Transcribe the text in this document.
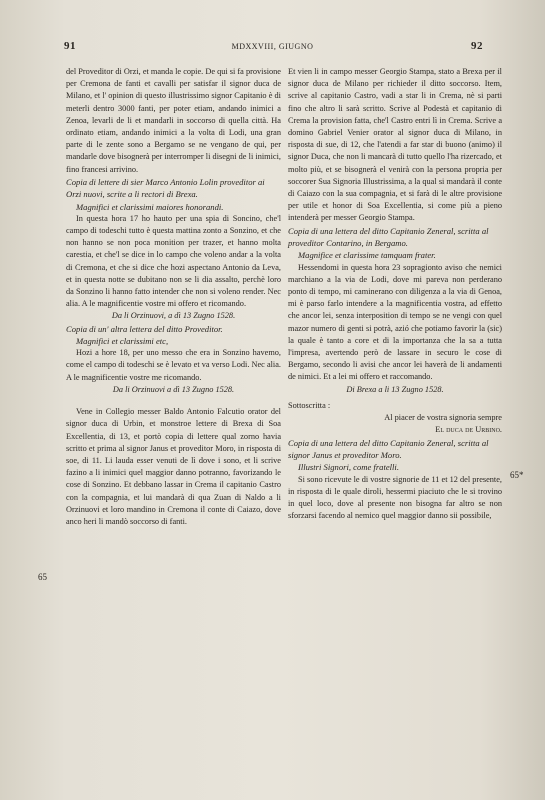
91	MDXXVIII, GIUGNO	92
65
65*

del Proveditor di Orzi, et manda le copie. De qui si fa provisione per Cremona de fanti et cavalli per satisfar il signor duca de Milano, et l' opinion di questo illustrissimo signor Capitanio è di meterli dentro 3000 fanti, per poter etiam, andando inimici a Zenoa, levarli de li et mandarli in soccorso di quella città. Ha ordinato etiam, andando inimici a la volta di Lodi, una gran parte di le zente sono a Bergamo se ne vengano de qui, per mandarle dove bisognerà per interromper li disegni de li inimici, fino francesi arrivino.

Copia di lettere di sier Marco Antonio Lolin proveditor ai Orzi nuovi, scrite a li rectori di Brexa.

Magnifici et clarissimi maiores honorandi.

In questa hora 17 ho hauto per una spia di Soncino, che'l campo di todeschi tutto è questa mattina zonto a Sonzino, et che non hanno se non poca monition per trazer, et hanno molta carestia, et che'l se dice in lo campo che voleno andar a la volta di Cremona, et che si dice che hozi aspectano Antonio da Leva, et in questa notte se dubitano non se li dia assalto, perchè loro da Sonzino li hanno fatto intender che non si voleno render. Nec alia. A le magnificentie vostre mi offero et ricomando.

Da li Orzinuovi, a dì 13 Zugno 1528.

Copia di un' altra lettera del ditto Proveditor.

Magnifici et clarissimi etc,

Hozi a hore 18, per uno messo che era in Sonzino havemo, come el campo di todeschi se è levato et va verso Lodi. Nec alia. A le magnificentie vostre me ricomando.

Da li Orzinuovi a dì 13 Zugno 1528.

Vene in Collegio messer Baldo Antonio Falcutio orator del signor duca di Urbin, et monstroe lettere di Brexa di Soa Excellentia, di 13, et portò copia di lettere qual zorno havia scritto et prima al signor Janus et proveditor Moro, in risposta di soe, di 11. Li lauda esser venuti de lì dove i sono, et li scrive fazino a li inimici quel maggior danno potranno, favorizando le cose di Sonzino. Et debbano lassar in Crema il capitanio Castro con la compagnia, et lui mandarà di qua Zuan di Naldo a li Orzinuovi et loro mandino in Cremona il conte di Caiazo, dove anco heri li mandò soccorso di fanti.

Et vien li in campo messer Georgio Stampa, stato a Brexa per il signor duca de Milano per richieder il ditto soccorso. Item, scrive al capitanio Castro, vadi a star li in Crema, nè si parti fino che altro li sarà scritto. Scrive al Podestà et capitanio di Crema la provision fatta, che'l Castro entri lì in Crema. Scrive a domino Gabriel Venier orator al signor duca di Milano, in risposta di sue, di 12, che l'atendi a far star di buono (animo) il signor Duca, che non li mancarà di tutto quello l'ha rizercado, et molto più, et se bisognerà el venirà con la persona propria per soccorer Sua Signoria Illustrissima, a la qual si mandarà il conte di Caiazo con la sua compagnia, et si farà di le altre provisione per utile et honor di Soa Excellentia, si come più a pieno intenderà per messer Georgio Stampa.

Copia di una lettera del ditto Capitanio Zeneral, scritta al proveditor Contarino, in Bergamo.

Magnifice et clarissime tamquam frater.

Hessendomi in questa hora 23 sopragionto aviso che nemici marchiano a la via de Lodi, dove mi pareva non perderano ponto di tempo, mi caminerano con diligenza a la via di Genoa, mi è parso farlo intendere a la magnificentia vostra, ad effetto che ancor lei, senza interposition di tempo se ne vengi con quel mazor numero di genti si potrà, azió che potiamo favorir la (sic) la quale è tanto a core et di la importanza che la sa a tutta l'impresa, avertendo però de lassare in securo le cose di Bergamo, secondo li avisi che ancor lei haverà de li andamenti de nimici. Et a lei mi offero et raccomando.

Di Brexa a li 13 Zugno 1528.

Sottoscritta :

Al piacer de vostra signoria sempre

El duca de Urbino.

Copia di una lettera del ditto Capitanio Zeneral, scritta al signor Janus et proveditor Moro.

Illustri Signori, come fratelli.

Si sono ricevute le di vostre signorie de 11 et 12 del presente, in risposta di le quale diroli, hessermi piaciuto che le si trovino in quel loco, dove al presente non bisogna far altro se non sforzarsi facendo al nemico quel maggior danno sii possibile,
